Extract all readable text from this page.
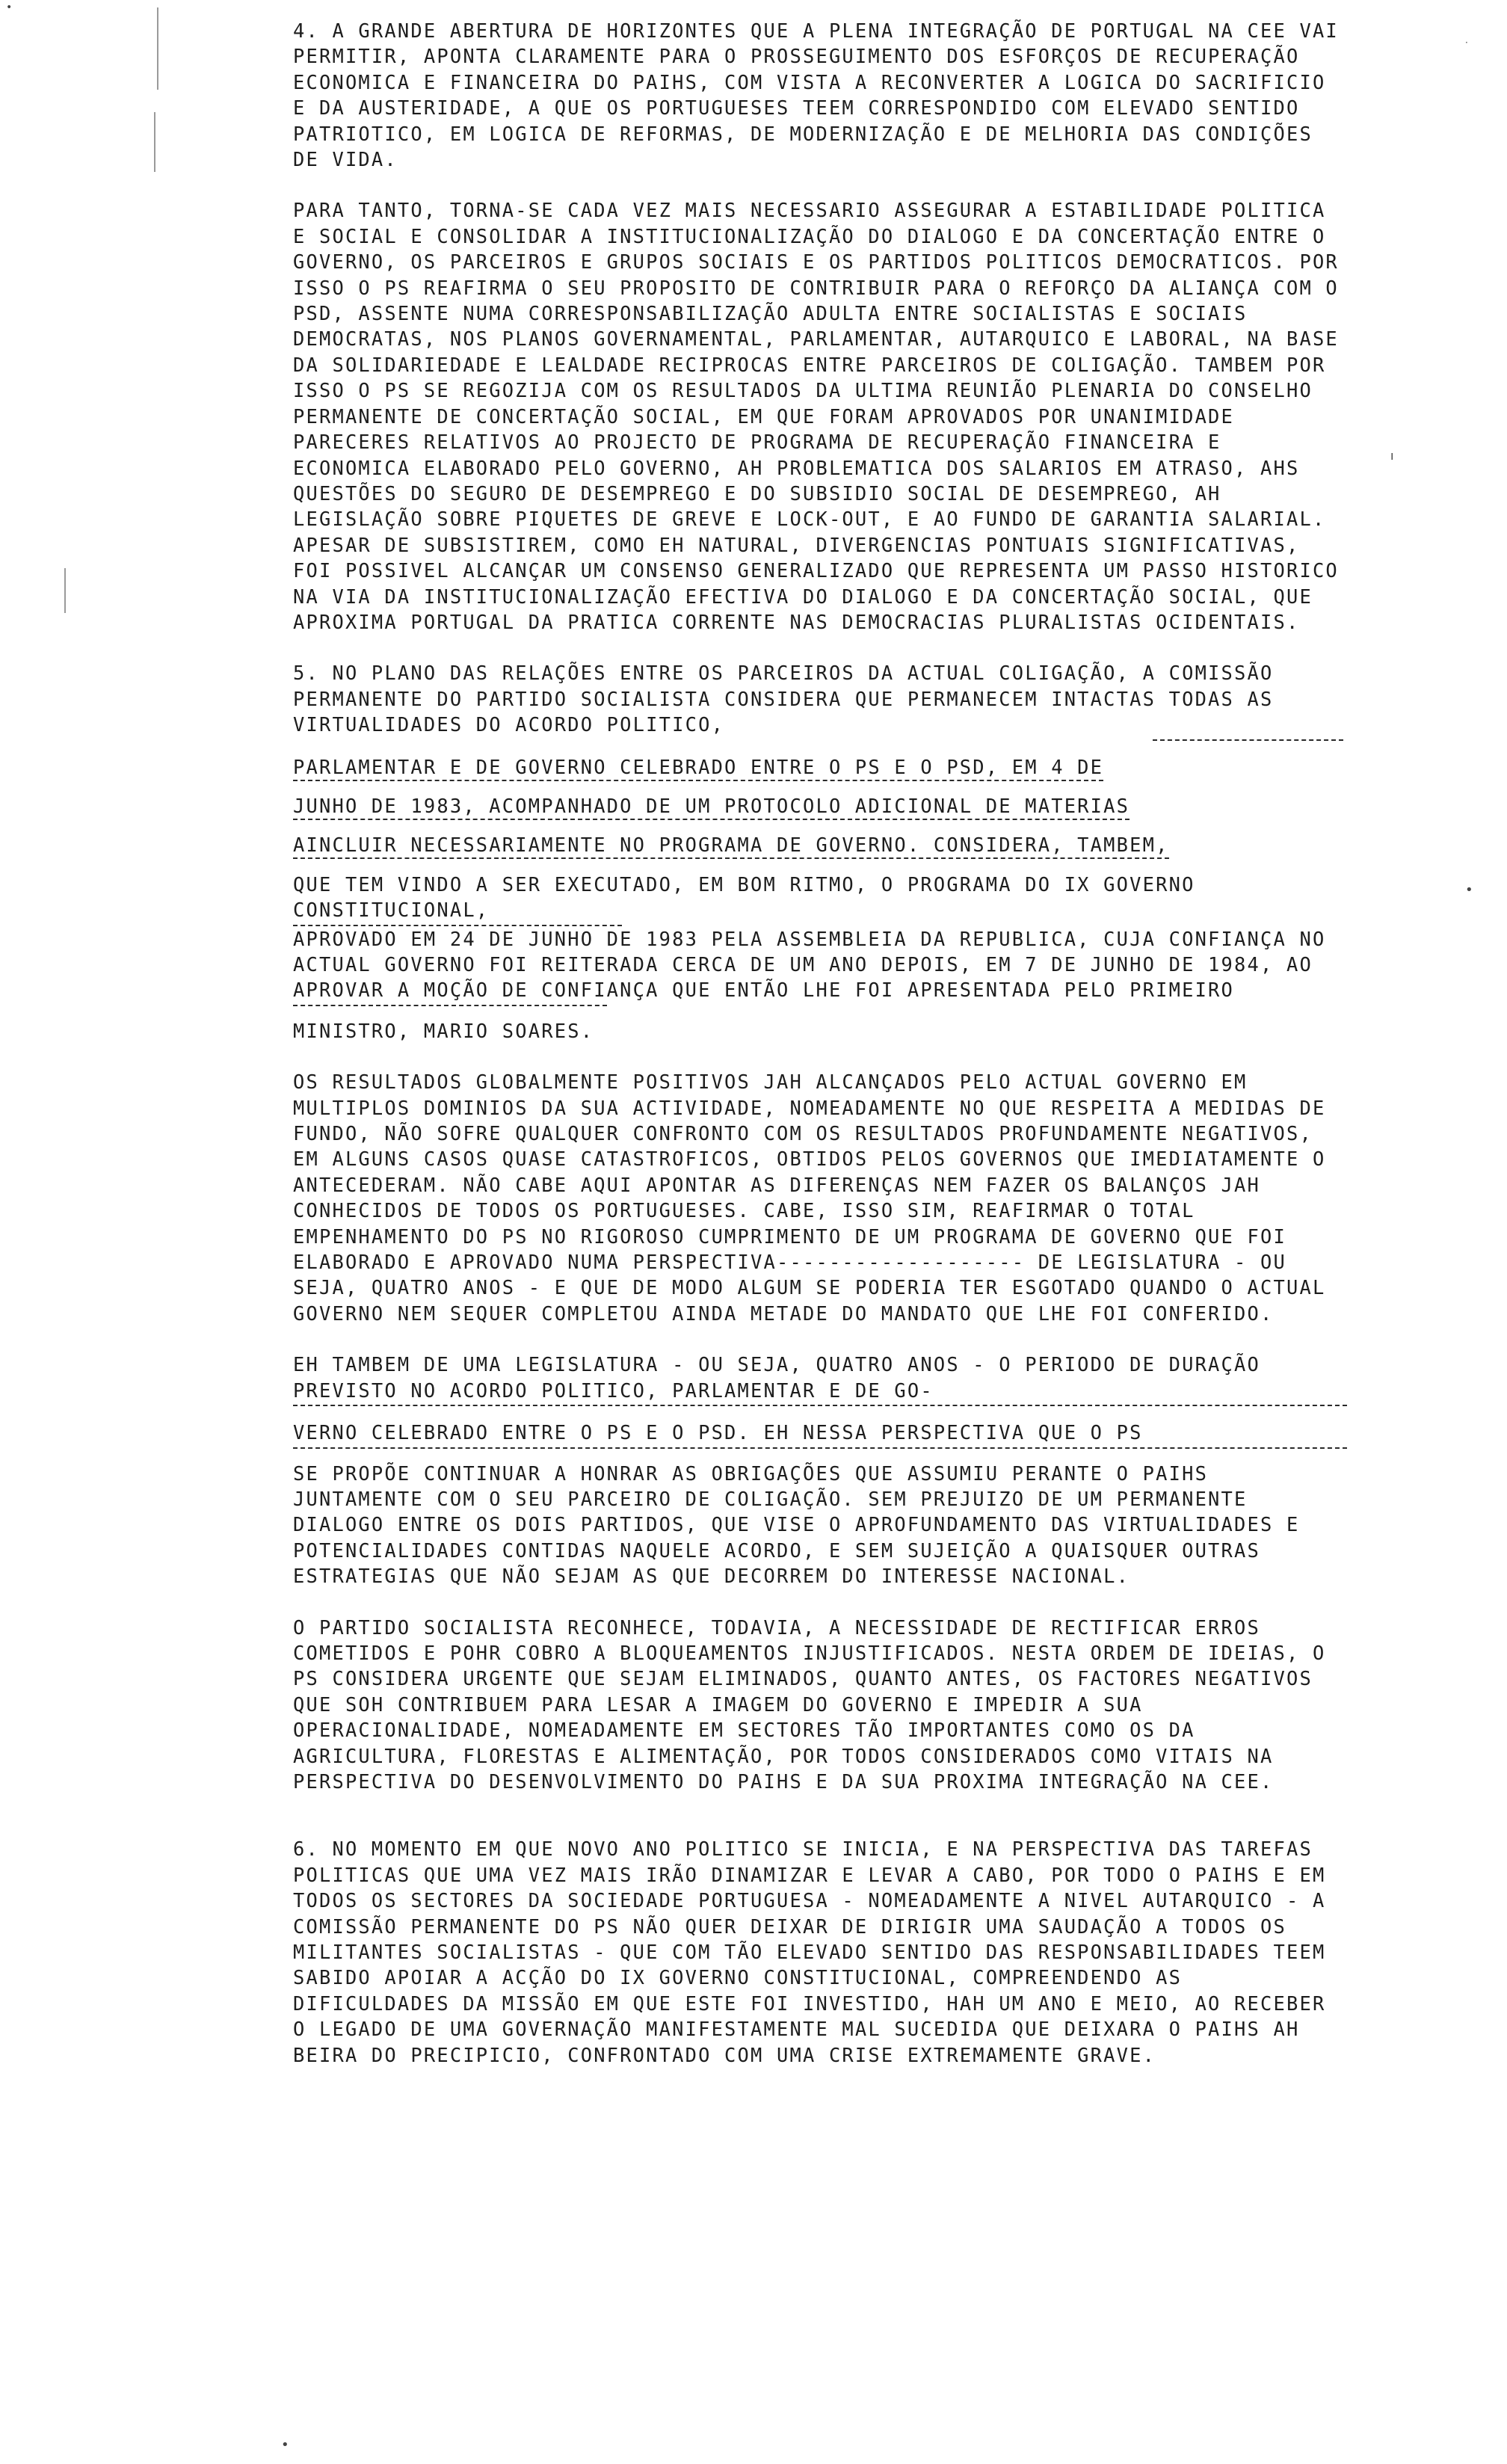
4. A GRANDE ABERTURA DE HORIZONTES QUE A PLENA INTEGRAÇÃO DE PORTUGAL NA CEE VAI PERMITIR, APONTA CLARAMENTE PARA O PROSSEGUIMENTO DOS ESFORÇOS DE RECUPERAÇÃO ECONOMICA E FINANCEIRA DO PAIHS, COM VISTA A RECONVERTER A LOGICA DO SACRIFICIO E DA AUSTERIDADE, A QUE OS PORTUGUESES TEEM CORRESPONDIDO COM ELEVADO SENTIDO PATRIOTICO, EM LOGICA DE REFORMAS, DE MODERNIZAÇÃO E DE MELHORIA DAS CONDIÇÕES DE VIDA.

PARA TANTO, TORNA-SE CADA VEZ MAIS NECESSARIO ASSEGURAR A ESTABILIDADE POLITICA E SOCIAL E CONSOLIDAR A INSTITUCIONALIZAÇÃO DO DIALOGO E DA CONCERTAÇÃO ENTRE O GOVERNO, OS PARCEIROS E GRUPOS SOCIAIS E OS PARTIDOS POLITICOS DEMOCRATICOS. POR ISSO O PS REAFIRMA O SEU PROPOSITO DE CONTRIBUIR PARA O REFORÇO DA ALIANÇA COM O PSD, ASSENTE NUMA CORRESPONSABILIZAÇÃO ADULTA ENTRE SOCIALISTAS E SOCIAIS DEMOCRATAS, NOS PLANOS GOVERNAMENTAL, PARLAMENTAR, AUTARQUICO E LABORAL, NA BASE DA SOLIDARIEDADE E LEALDADE RECIPROCAS ENTRE PARCEIROS DE COLIGAÇÃO. TAMBEM POR ISSO O PS SE REGOZIJA COM OS RESULTADOS DA ULTIMA REUNIÃO PLENARIA DO CONSELHO PERMANENTE DE CONCERTAÇÃO SOCIAL, EM QUE FORAM APROVADOS POR UNANIMIDADE PARECERES RELATIVOS AO PROJECTO DE PROGRAMA DE RECUPERAÇÃO FINANCEIRA E ECONOMICA ELABORADO PELO GOVERNO, AH PROBLEMATICA DOS SALARIOS EM ATRASO, AHS QUESTÕES DO SEGURO DE DESEMPREGO E DO SUBSIDIO SOCIAL DE DESEMPREGO, AH LEGISLAÇÃO SOBRE PIQUETES DE GREVE E LOCK-OUT, E AO FUNDO DE GARANTIA SALARIAL. APESAR DE SUBSISTIREM, COMO EH NATURAL, DIVERGENCIAS PONTUAIS SIGNIFICATIVAS, FOI POSSIVEL ALCANÇAR UM CONSENSO GENERALIZADO QUE REPRESENTA UM PASSO HISTORICO NA VIA DA INSTITUCIONALIZAÇÃO EFECTIVA DO DIALOGO E DA CONCERTAÇÃO SOCIAL, QUE APROXIMA PORTUGAL DA PRATICA CORRENTE NAS DEMOCRACIAS PLURALISTAS OCIDENTAIS.

5. NO PLANO DAS RELAÇÕES ENTRE OS PARCEIROS DA ACTUAL COLIGAÇÃO, A COMISSÃO PERMANENTE DO PARTIDO SOCIALISTA CONSIDERA QUE PERMANECEM INTACTAS TODAS AS VIRTUALIDADES DO ACORDO POLITICO,

PARLAMENTAR E DE GOVERNO CELEBRADO ENTRE O PS E O PSD, EM 4 DE

JUNHO DE 1983, ACOMPANHADO DE UM PROTOCOLO ADICIONAL DE MATERIAS

AINCLUIR NECESSARIAMENTE NO PROGRAMA DE GOVERNO. CONSIDERA, TAMBEM,

QUE TEM VINDO A SER EXECUTADO, EM BOM RITMO, O PROGRAMA DO IX GOVERNO CONSTITUCIONAL,

APROVADO EM 24 DE JUNHO DE 1983 PELA ASSEMBLEIA DA REPUBLICA, CUJA CONFIANÇA NO ACTUAL GOVERNO FOI REITERADA CERCA DE UM ANO DEPOIS, EM 7 DE JUNHO DE 1984, AO APROVAR A MOÇÃO DE CONFIANÇA QUE ENTÃO LHE FOI APRESENTADA PELO PRIMEIRO

MINISTRO, MARIO SOARES.

OS RESULTADOS GLOBALMENTE POSITIVOS JAH ALCANÇADOS PELO ACTUAL GOVERNO EM MULTIPLOS DOMINIOS DA SUA ACTIVIDADE, NOMEADAMENTE NO QUE RESPEITA A MEDIDAS DE FUNDO, NÃO SOFRE QUALQUER CONFRONTO COM OS RESULTADOS PROFUNDAMENTE NEGATIVOS, EM ALGUNS CASOS QUASE CATASTROFICOS, OBTIDOS PELOS GOVERNOS QUE IMEDIATAMENTE O ANTECEDERAM. NÃO CABE AQUI APONTAR AS DIFERENÇAS NEM FAZER OS BALANÇOS JAH CONHECIDOS DE TODOS OS PORTUGUESES. CABE, ISSO SIM, REAFIRMAR O TOTAL EMPENHAMENTO DO PS NO RIGOROSO CUMPRIMENTO DE UM PROGRAMA DE GOVERNO QUE FOI ELABORADO E APROVADO NUMA PERSPECTIVA------------------- DE LEGISLATURA - OU SEJA, QUATRO ANOS - E QUE DE MODO ALGUM SE PODERIA TER ESGOTADO QUANDO O ACTUAL GOVERNO NEM SEQUER COMPLETOU AINDA METADE DO MANDATO QUE LHE FOI CONFERIDO.

EH TAMBEM DE UMA LEGISLATURA - OU SEJA, QUATRO ANOS - O PERIODO DE DURAÇÃO PREVISTO NO ACORDO POLITICO, PARLAMENTAR E DE GO-

VERNO CELEBRADO ENTRE O PS E O PSD. EH NESSA PERSPECTIVA QUE O PS

SE PROPÕE CONTINUAR A HONRAR AS OBRIGAÇÕES QUE ASSUMIU PERANTE O PAIHS JUNTAMENTE COM O SEU PARCEIRO DE COLIGAÇÃO. SEM PREJUIZO DE UM PERMANENTE DIALOGO ENTRE OS DOIS PARTIDOS, QUE VISE O APROFUNDAMENTO DAS VIRTUALIDADES E POTENCIALIDADES CONTIDAS NAQUELE ACORDO, E SEM SUJEIÇÃO A QUAISQUER OUTRAS ESTRATEGIAS QUE NÃO SEJAM AS QUE DECORREM DO INTERESSE NACIONAL.

O PARTIDO SOCIALISTA RECONHECE, TODAVIA, A NECESSIDADE DE RECTIFICAR ERROS COMETIDOS E POHR COBRO A BLOQUEAMENTOS INJUSTIFICADOS. NESTA ORDEM DE IDEIAS, O PS CONSIDERA URGENTE QUE SEJAM ELIMINADOS, QUANTO ANTES, OS FACTORES NEGATIVOS QUE SOH CONTRIBUEM PARA LESAR A IMAGEM DO GOVERNO E IMPEDIR A SUA OPERACIONALIDADE, NOMEADAMENTE EM SECTORES TÃO IMPORTANTES COMO OS DA AGRICULTURA, FLORESTAS E ALIMENTAÇÃO, POR TODOS CONSIDERADOS COMO VITAIS NA PERSPECTIVA DO DESENVOLVIMENTO DO PAIHS E DA SUA PROXIMA INTEGRAÇÃO NA CEE.

6. NO MOMENTO EM QUE NOVO ANO POLITICO SE INICIA, E NA PERSPECTIVA DAS TAREFAS POLITICAS QUE UMA VEZ MAIS IRÃO DINAMIZAR E LEVAR A CABO, POR TODO O PAIHS E EM TODOS OS SECTORES DA SOCIEDADE PORTUGUESA - NOMEADAMENTE A NIVEL AUTARQUICO - A COMISSÃO PERMANENTE DO PS NÃO QUER DEIXAR DE DIRIGIR UMA SAUDAÇÃO A TODOS OS MILITANTES SOCIALISTAS - QUE COM TÃO ELEVADO SENTIDO DAS RESPONSABILIDADES TEEM SABIDO APOIAR A ACÇÃO DO IX GOVERNO CONSTITUCIONAL, COMPREENDENDO AS DIFICULDADES DA MISSÃO EM QUE ESTE FOI INVESTIDO, HAH UM ANO E MEIO, AO RECEBER O LEGADO DE UMA GOVERNAÇÃO MANIFESTAMENTE MAL SUCEDIDA QUE DEIXARA O PAIHS AH BEIRA DO PRECIPICIO, CONFRONTADO COM UMA CRISE EXTREMAMENTE GRAVE.

•
·
•
ı
•
